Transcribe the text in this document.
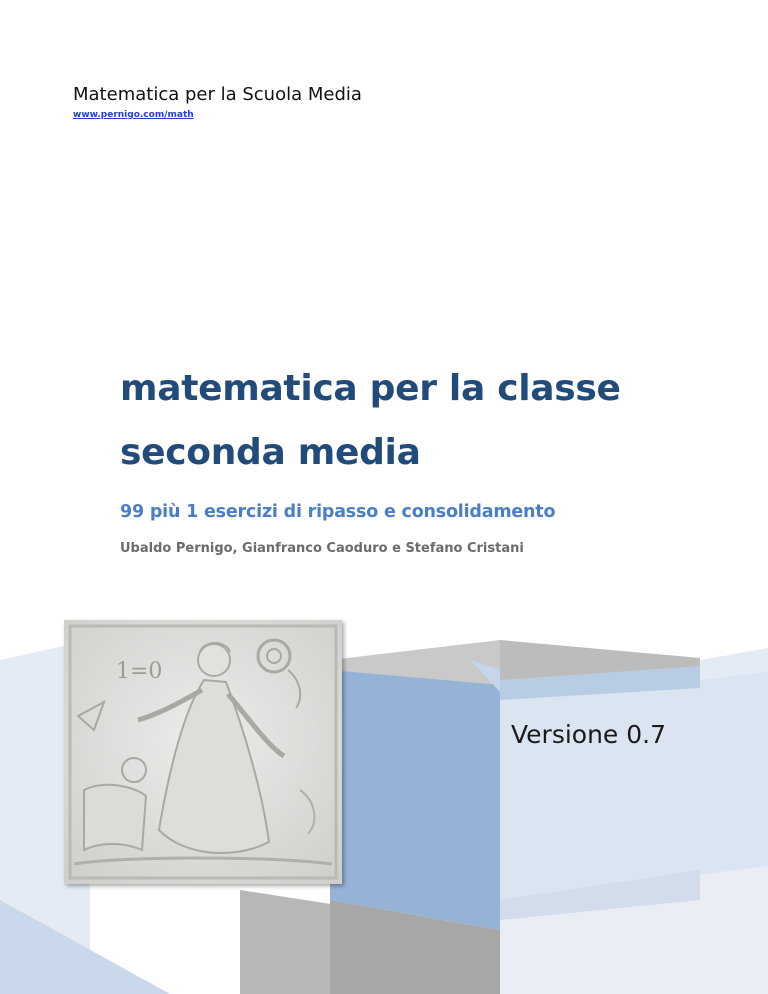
Matematica per la Scuola Media
www.pernigo.com/math
matematica per la classe
seconda media
99 più 1 esercizi di ripasso e consolidamento
Ubaldo Pernigo, Gianfranco Caoduro e Stefano Cristani
1=0
Versione 0.7
